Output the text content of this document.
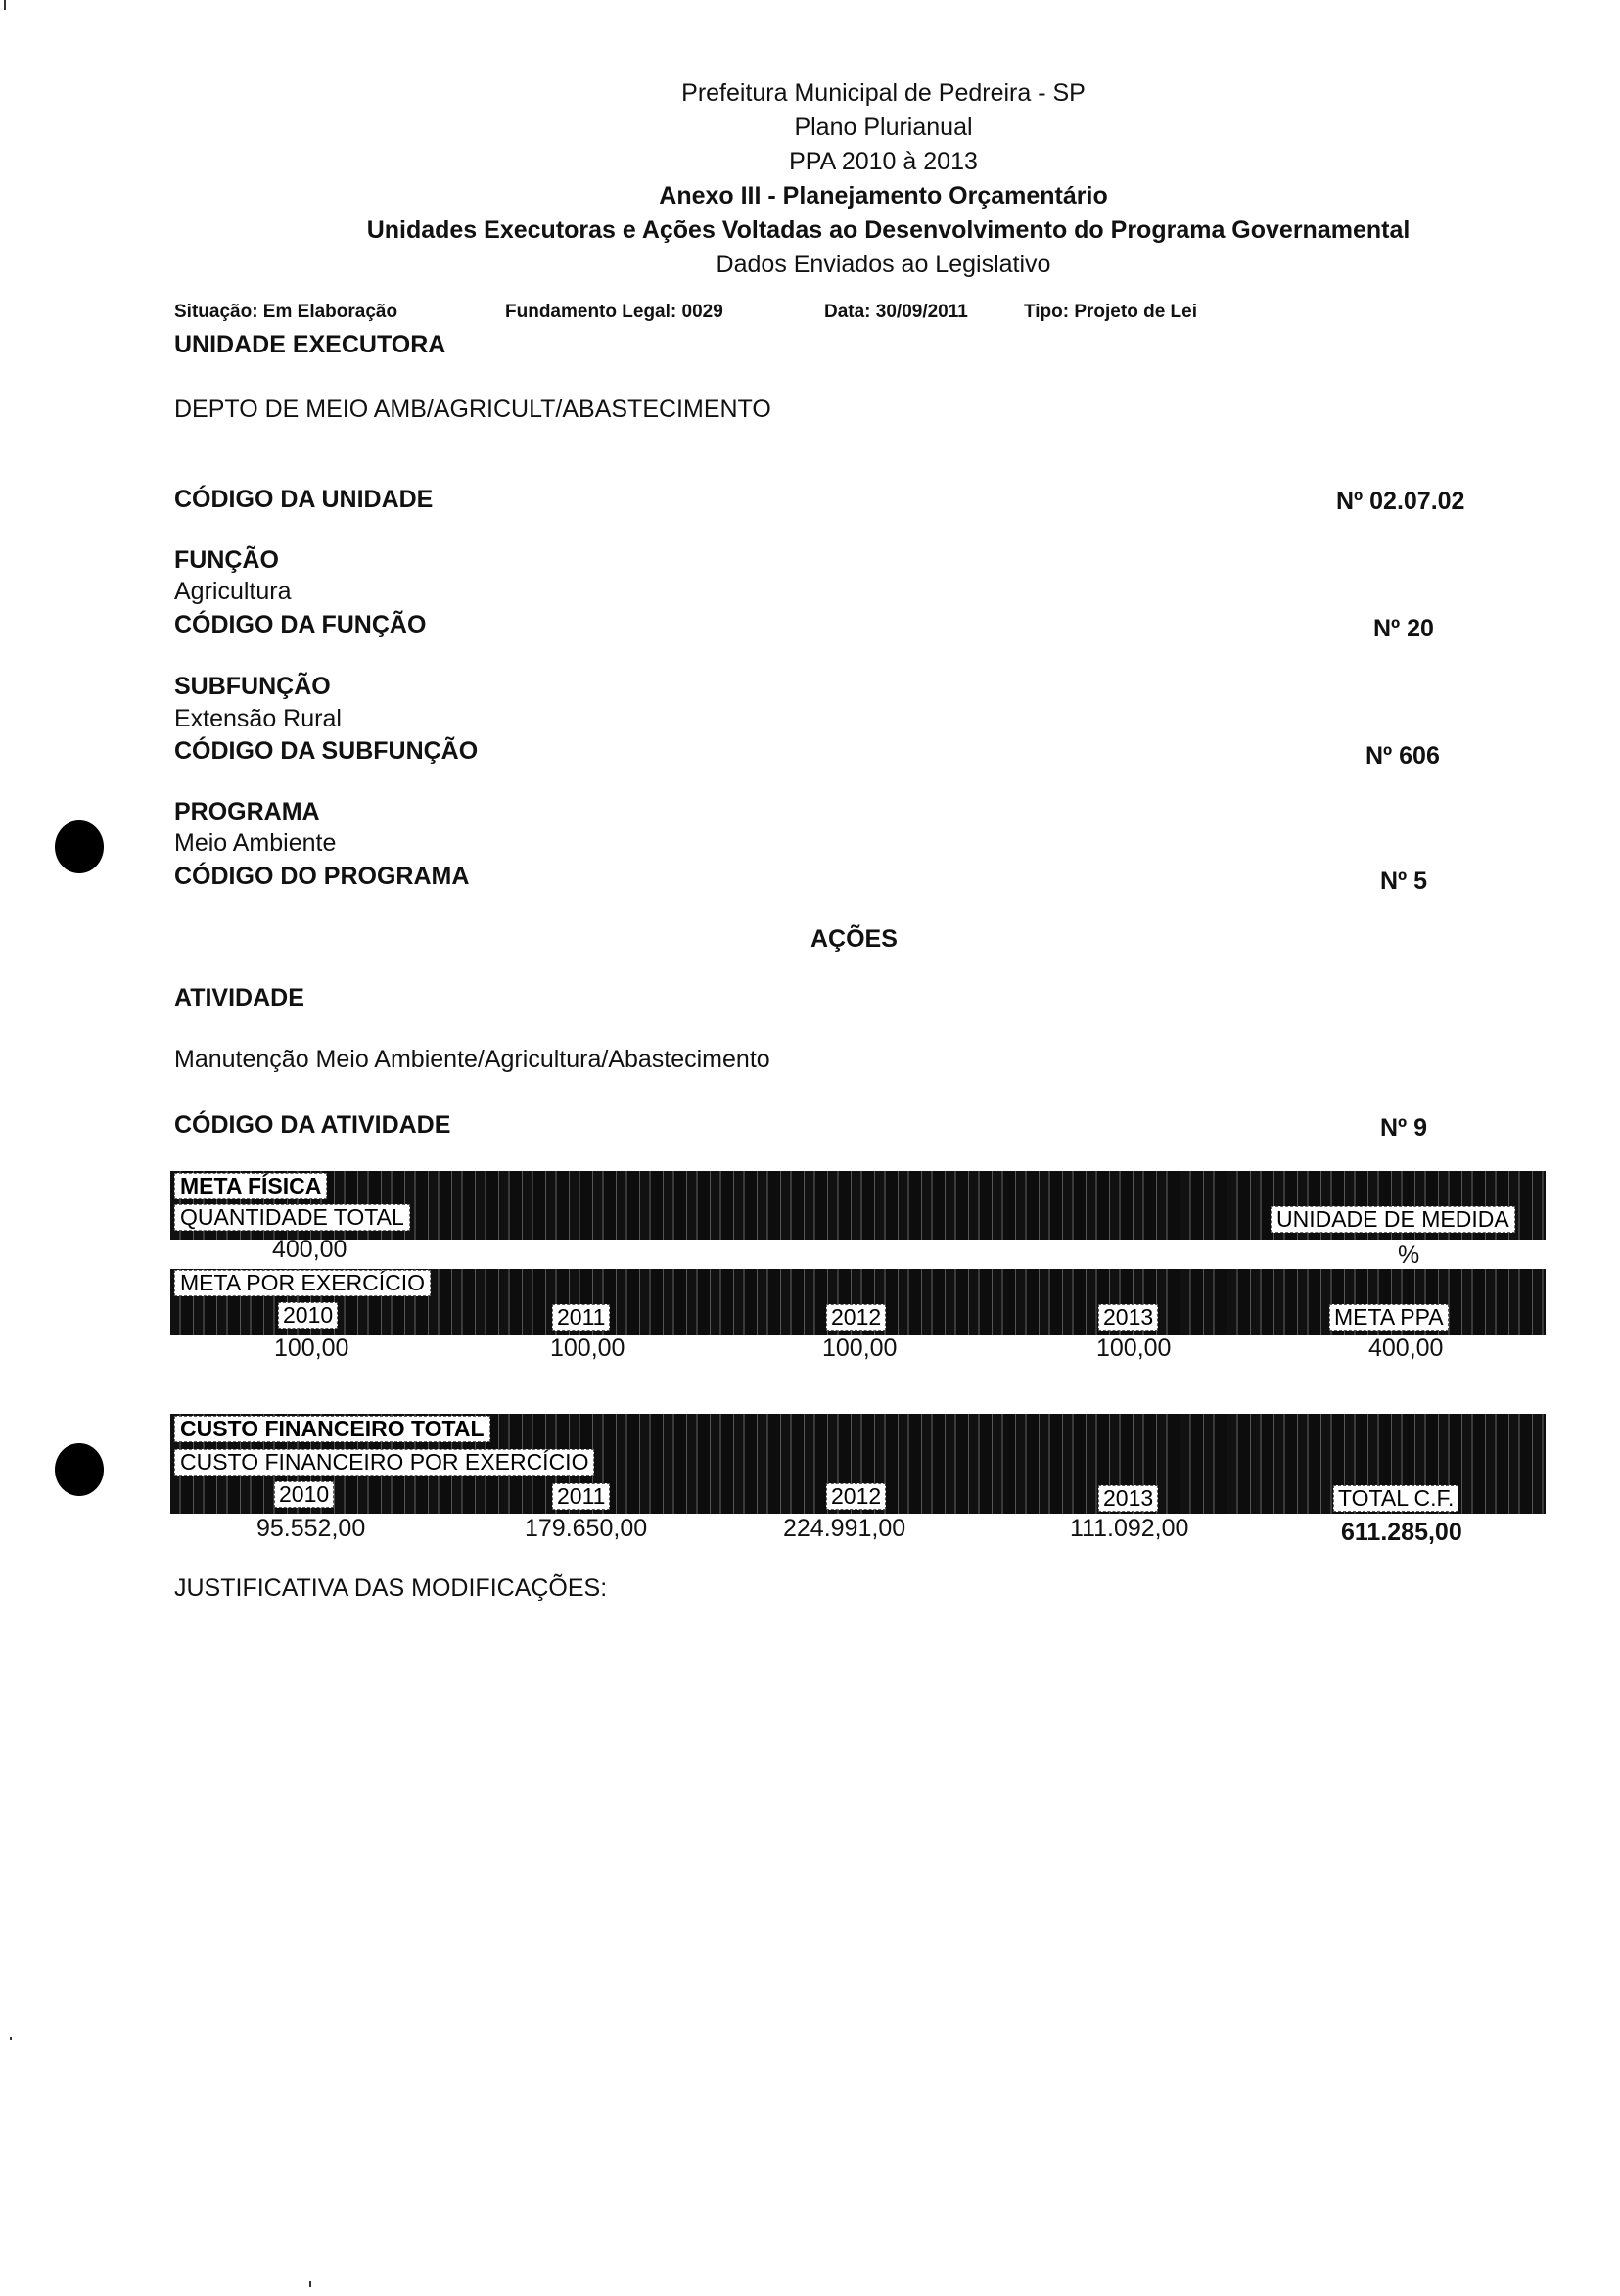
Prefeitura Municipal de Pedreira - SP
Plano Plurianual
PPA 2010 à 2013
Anexo III - Planejamento Orçamentário
Unidades Executoras e Ações Voltadas ao Desenvolvimento do Programa Governamental
Dados Enviados ao Legislativo
Situação: Em Elaboração	Fundamento Legal: 0029	Data: 30/09/2011	Tipo: Projeto de Lei
UNIDADE EXECUTORA
DEPTO DE MEIO AMB/AGRICULT/ABASTECIMENTO
CÓDIGO DA UNIDADE	Nº 02.07.02
FUNÇÃO
Agricultura
CÓDIGO DA FUNÇÃO	Nº 20
SUBFUNÇÃO
Extensão Rural
CÓDIGO DA SUBFUNÇÃO	Nº 606
PROGRAMA
Meio Ambiente
CÓDIGO DO PROGRAMA	Nº 5
AÇÕES
ATIVIDADE
Manutenção Meio Ambiente/Agricultura/Abastecimento
CÓDIGO DA ATIVIDADE	Nº 9
META FÍSICA
QUANTIDADE TOTAL	UNIDADE DE MEDIDA
400,00	%
META POR EXERCÍCIO
2010	2011	2012	2013	META PPA
100,00	100,00	100,00	100,00	400,00
CUSTO FINANCEIRO TOTAL
CUSTO FINANCEIRO POR EXERCÍCIO
2010	2011	2012	2013	TOTAL C.F.
95.552,00	179.650,00	224.991,00	111.092,00	611.285,00
JUSTIFICATIVA DAS MODIFICAÇÕES:
